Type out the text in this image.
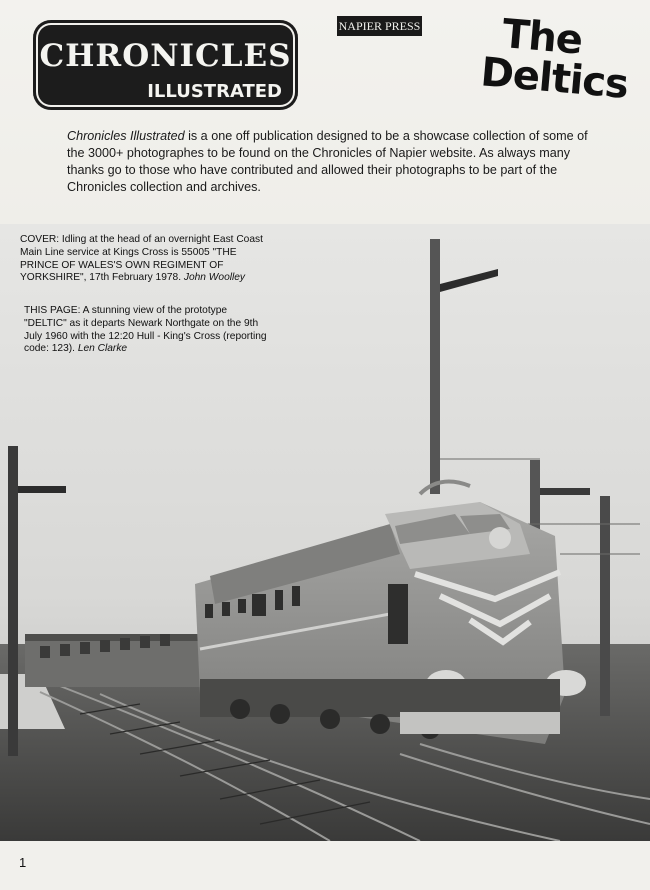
CHRONICLES
ILLUSTRATED
NAPIER PRESS The
Deltics

Chronicles Illustrated is a one off publication designed to be a showcase collection of some of the 3000+ photographes to be found on the Chronicles of Napier website. As always many thanks go to those who have contributed and allowed their photographs to be part of the Chronicles collection and archives.

COVER: Idling at the head of an overnight East Coast Main Line service at Kings Cross is 55005 "THE PRINCE OF WALES'S OWN REGIMENT OF YORKSHIRE", 17th February 1978. John Woolley

THIS PAGE: A stunning view of the prototype "DELTIC" as it departs Newark Northgate on the 9th July 1960 with the 12:20 Hull - King's Cross (reporting code: 123). Len Clarke

1
